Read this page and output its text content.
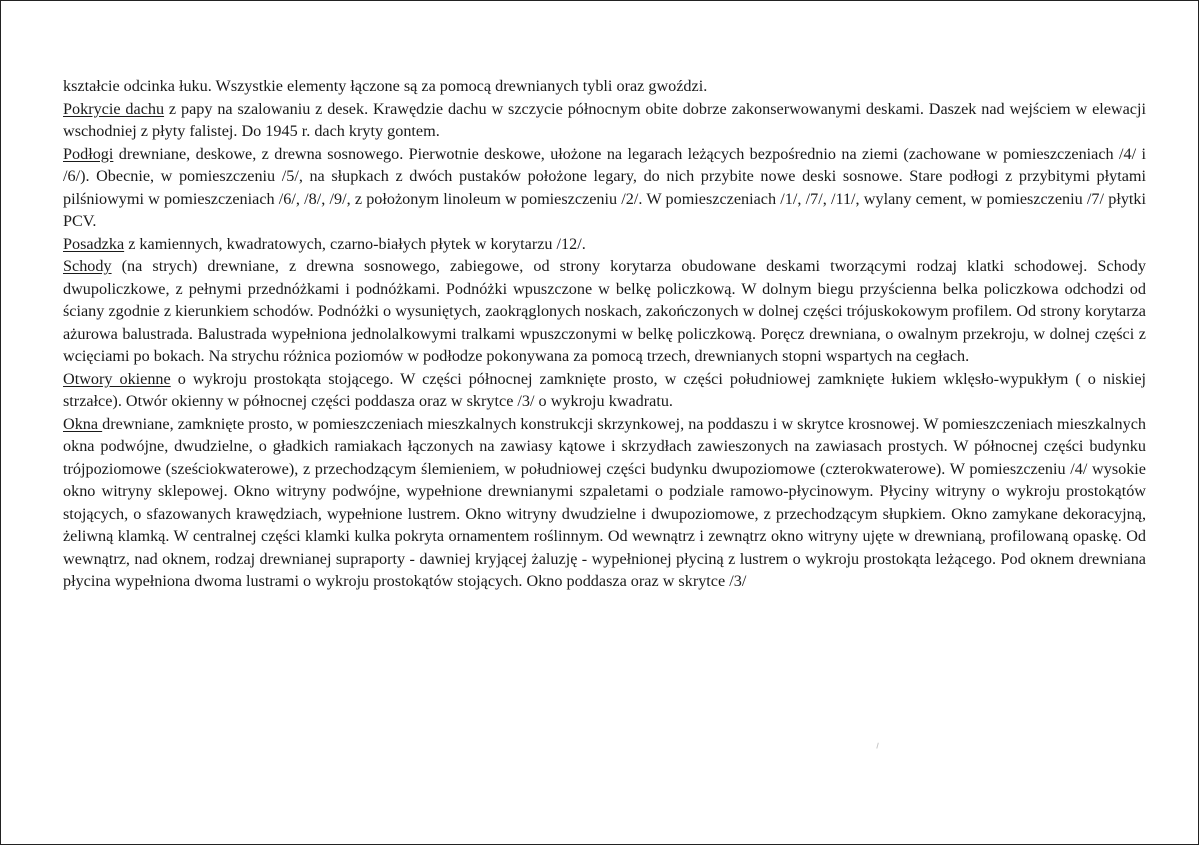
kształcie odcinka łuku. Wszystkie elementy łączone są za pomocą drewnianych tybli oraz gwoździ.

Pokrycie dachu z papy na szalowaniu z desek. Krawędzie dachu w szczycie północnym obite dobrze zakonserwowanymi deskami. Daszek nad wejściem w elewacji wschodniej z płyty falistej. Do 1945 r. dach kryty gontem.

Podłogi drewniane, deskowe, z drewna sosnowego. Pierwotnie deskowe, ułożone na legarach leżących bezpośrednio na ziemi (zachowane w pomieszczeniach /4/ i /6/). Obecnie, w pomieszczeniu /5/, na słupkach z dwóch pustaków położone legary, do nich przybite nowe deski sosnowe. Stare podłogi z przybitymi płytami pilśniowymi w pomieszczeniach /6/, /8/, /9/, z położonym linoleum w pomieszczeniu /2/. W pomieszczeniach /1/, /7/, /11/, wylany cement, w pomieszczeniu /7/ płytki PCV.

Posadzka z kamiennych, kwadratowych, czarno-białych płytek w korytarzu /12/.

Schody (na strych) drewniane, z drewna sosnowego, zabiegowe, od strony korytarza obudowane deskami tworzącymi rodzaj klatki schodowej. Schody dwupoliczkowe, z pełnymi przednóżkami i podnóżkami. Podnóżki wpuszczone w belkę policzkową. W dolnym biegu przyścienna belka policzkowa odchodzi od ściany zgodnie z kierunkiem schodów. Podnóżki o wysuniętych, zaokrąglonych noskach, zakończonych w dolnej części trójuskokowym profilem. Od strony korytarza ażurowa balustrada. Balustrada wypełniona jednolalkowymi tralkami wpuszczonymi w belkę policzkową. Poręcz drewniana, o owalnym przekroju, w dolnej części z wcięciami po bokach. Na strychu różnica poziomów w podłodze pokonywana za pomocą trzech, drewnianych stopni wspartych na cegłach.

Otwory okienne o wykroju prostokąta stojącego. W części północnej zamknięte prosto, w części południowej zamknięte łukiem wklęsło-wypukłym ( o niskiej strzałce). Otwór okienny w północnej części poddasza oraz w skrytce /3/ o wykroju kwadratu.

Okna drewniane, zamknięte prosto, w pomieszczeniach mieszkalnych konstrukcji skrzynkowej, na poddaszu i w skrytce krosnowej. W pomieszczeniach mieszkalnych okna podwójne, dwudzielne, o gładkich ramiakach łączonych na zawiasy kątowe i skrzydłach zawieszonych na zawiasach prostych. W północnej części budynku trójpoziomowe (sześciokwaterowe), z przechodzącym ślemieniem, w południowej części budynku dwupoziomowe (czterokwaterowe). W pomieszczeniu /4/ wysokie okno witryny sklepowej. Okno witryny podwójne, wypełnione drewnianymi szpaletami o podziale ramowo-płycinowym. Płyciny witryny o wykroju prostokątów stojących, o sfazowanych krawędziach, wypełnione lustrem. Okno witryny dwudzielne i dwupoziomowe, z przechodzącym słupkiem. Okno zamykane dekoracyjną, żeliwną klamką. W centralnej części klamki kulka pokryta ornamentem roślinnym. Od wewnątrz i zewnątrz okno witryny ujęte w drewnianą, profilowaną opaskę. Od wewnątrz, nad oknem, rodzaj drewnianej supraporty - dawniej kryjącej żaluzję - wypełnionej płyciną z lustrem o wykroju prostokąta leżącego. Pod oknem drewniana płycina wypełniona dwoma lustrami o wykroju prostokątów stojących. Okno poddasza oraz w skrytce /3/
